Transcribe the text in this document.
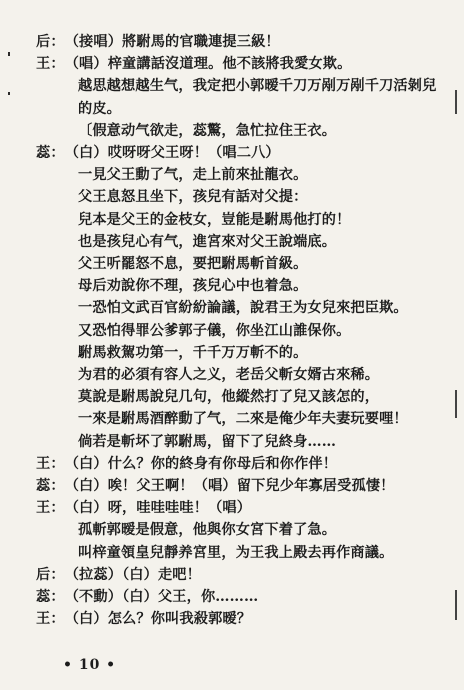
后：（接唱）將駙馬的官職連提三級！
王：（唱）梓童講話沒道理。他不該將我愛女欺。
越思越想越生气，我定把小郭暧千刀万剐万剐千刀活剝兒
的皮。
〔假意动气欲走，蕊驚，急忙拉住王衣。
蕊：（白）哎呀呀父王呀！（唱二八）
一見父王動了气，走上前來扯龍衣。
父王息怒且坐下，孩兒有話对父提：
兒本是父王的金枝女，豈能是駙馬他打的！
也是孩兒心有气，進宮來对父王說端底。
父王听罷怒不息，要把駙馬斬首級。
母后劝說你不理，孩兒心中也着急。
一恐怕文武百官紛紛論議，說君王为女兒來把臣欺。
又恐怕得罪公爹郭子儀，你坐江山誰保你。
駙馬救駕功第一，千千万万斬不的。
为君的必須有容人之义，老岳父斬女婿古來稀。
莫說是駙馬說兒几句，他縱然打了兒又該怎的，
一來是駙馬酒醉動了气，二來是俺少年夫妻玩要哩！
倘若是斬坏了郭駙馬，留下了兒終身……
王：（白）什么？你的終身有你母后和你作伴！
蕊：（白）唉！父王啊！（唱）留下兒少年寡居受孤悽！
王：（白）呀，哇哇哇哇！（唱）
孤斬郭暧是假意，他與你女宮下着了急。
叫梓童領皇兒靜养宮里，为王我上殿去再作商議。
后：（拉蕊）（白）走吧！
蕊：（不動）（白）父王，你………
王：（白）怎么？你叫我殺郭暧？
• 10 •
